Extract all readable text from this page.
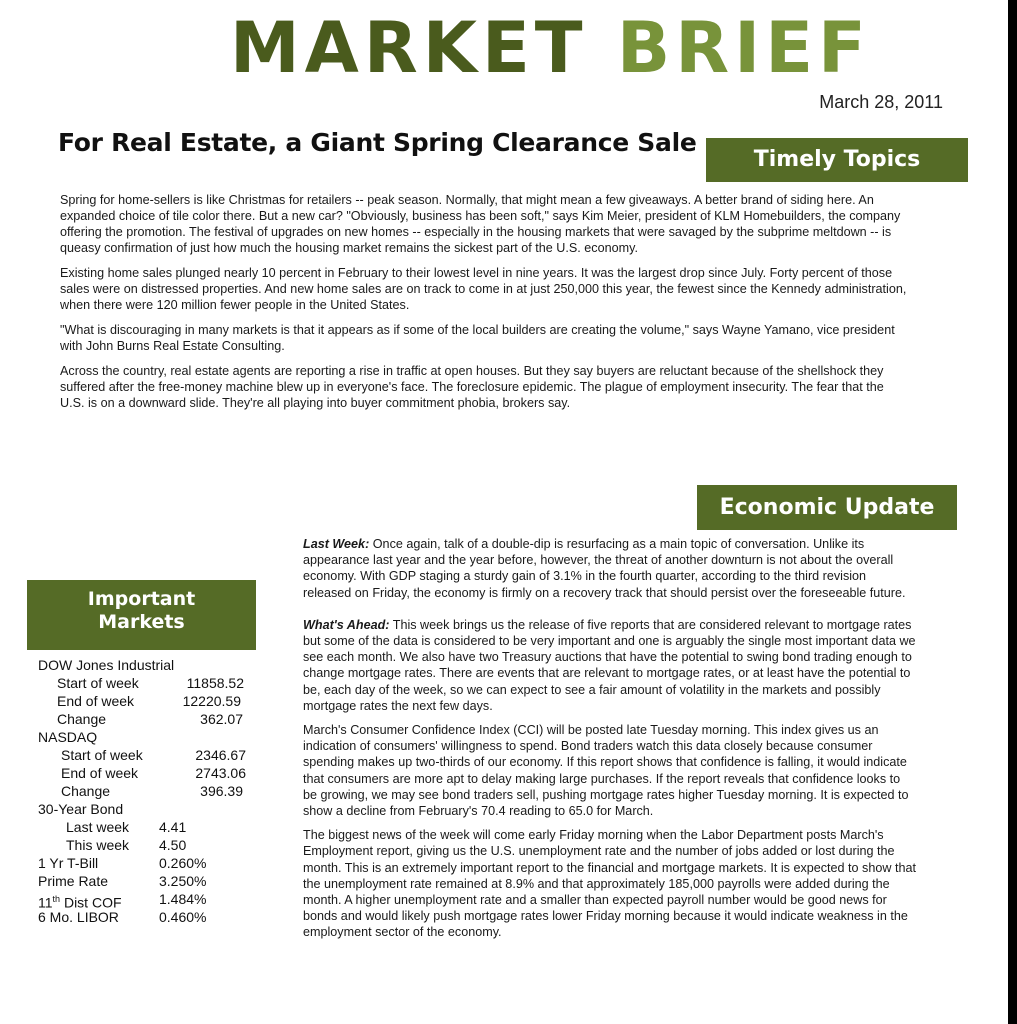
MARKET BRIEF
March 28, 2011
For Real Estate, a Giant Spring Clearance Sale
Timely Topics

Spring for home-sellers is like Christmas for retailers -- peak season. Normally, that might mean a few giveaways. A better brand of siding here. An expanded choice of tile color there. But a new car? "Obviously, business has been soft," says Kim Meier, president of KLM Homebuilders, the company offering the promotion. The festival of upgrades on new homes -- especially in the housing markets that were savaged by the subprime meltdown -- is queasy confirmation of just how much the housing market remains the sickest part of the U.S. economy.

Existing home sales plunged nearly 10 percent in February to their lowest level in nine years. It was the largest drop since July. Forty percent of those sales were on distressed properties. And new home sales are on track to come in at just 250,000 this year, the fewest since the Kennedy administration, when there were 120 million fewer people in the United States.

"What is discouraging in many markets is that it appears as if some of the local builders are creating the volume," says Wayne Yamano, vice president with John Burns Real Estate Consulting.

Across the country, real estate agents are reporting a rise in traffic at open houses. But they say buyers are reluctant because of the shellshock they suffered after the free-money machine blew up in everyone's face. The foreclosure epidemic. The plague of employment insecurity. The fear that the U.S. is on a downward slide. They're all playing into buyer commitment phobia, brokers say.

Economic Update

Last Week: Once again, talk of a double-dip is resurfacing as a main topic of conversation. Unlike its appearance last year and the year before, however, the threat of another downturn is not about the overall economy. With GDP staging a sturdy gain of 3.1% in the fourth quarter, according to the third revision released on Friday, the economy is firmly on a recovery track that should persist over the foreseeable future.

What's Ahead: This week brings us the release of five reports that are considered relevant to mortgage rates but some of the data is considered to be very important and one is arguably the single most important data we see each month. We also have two Treasury auctions that have the potential to swing bond trading enough to change mortgage rates. There are events that are relevant to mortgage rates, or at least have the potential to be, each day of the week, so we can expect to see a fair amount of volatility in the markets and possibly mortgage rates the next few days.

March's Consumer Confidence Index (CCI) will be posted late Tuesday morning. This index gives us an indication of consumers' willingness to spend. Bond traders watch this data closely because consumer spending makes up two-thirds of our economy. If this report shows that confidence is falling, it would indicate that consumers are more apt to delay making large purchases. If the report reveals that confidence looks to be growing, we may see bond traders sell, pushing mortgage rates higher Tuesday morning. It is expected to show a decline from February's 70.4 reading to 65.0 for March.

The biggest news of the week will come early Friday morning when the Labor Department posts March's Employment report, giving us the U.S. unemployment rate and the number of jobs added or lost during the month. This is an extremely important report to the financial and mortgage markets. It is expected to show that the unemployment rate remained at 8.9% and that approximately 185,000 payrolls were added during the month. A higher unemployment rate and a smaller than expected payroll number would be good news for bonds and would likely push mortgage rates lower Friday morning because it would indicate weakness in the employment sector of the economy.

Important
Markets
DOW Jones Industrial
Start of week	11858.52
End of week	12220.59
Change	362.07
NASDAQ
Start of week	2346.67
End of week	2743.06
Change	396.39
30-Year Bond
Last week 4.41
This week 4.50
1 Yr T-Bill	0.260%
Prime Rate	3.250%
11th Dist COF	1.484%
6 Mo. LIBOR	0.460%
